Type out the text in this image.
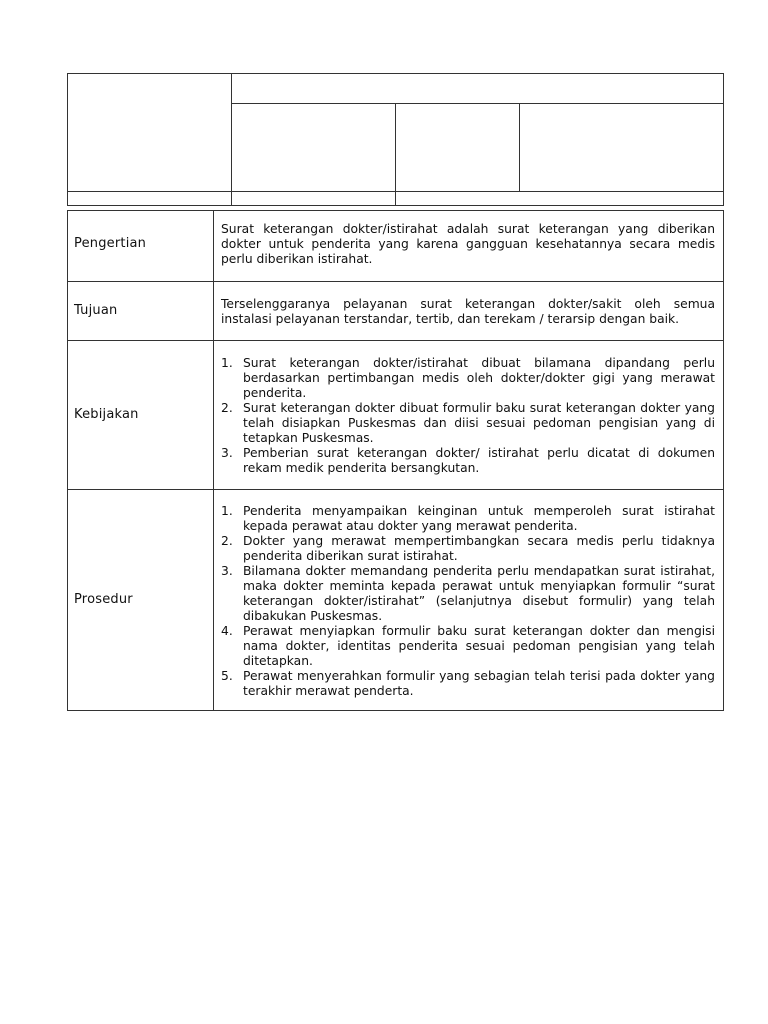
Pengertian

Surat keterangan dokter/istirahat adalah surat keterangan yang diberikan dokter untuk penderita yang karena gangguan kesehatannya secara medis perlu diberikan istirahat.

Tujuan	Terselenggaranya pelayanan surat keterangan dokter/sakit oleh semua instalasi pelayanan terstandar, tertib, dan terekam / terarsip dengan baik.

Kebijakan
1. Surat keterangan dokter/istirahat dibuat bilamana dipandang perlu berdasarkan pertimbangan medis oleh dokter/dokter gigi yang merawat penderita.
2. Surat keterangan dokter dibuat formulir baku surat keterangan dokter yang telah disiapkan Puskesmas dan diisi sesuai pedoman pengisian yang di tetapkan Puskesmas.
3. Pemberian surat keterangan dokter/ istirahat perlu dicatat di dokumen rekam medik penderita bersangkutan.
Prosedur
1. Penderita menyampaikan keinginan untuk memperoleh surat istirahat kepada perawat atau dokter yang merawat penderita.
2. Dokter yang merawat mempertimbangkan secara medis perlu tidaknya penderita diberikan surat istirahat.
3. Bilamana dokter memandang penderita perlu mendapatkan surat istirahat, maka dokter meminta kepada perawat untuk menyiapkan formulir “surat keterangan dokter/istirahat” (selanjutnya disebut formulir) yang telah dibakukan Puskesmas.
4. Perawat menyiapkan formulir baku surat keterangan dokter dan mengisi nama dokter, identitas penderita sesuai pedoman pengisian yang telah ditetapkan.
5. Perawat menyerahkan formulir yang sebagian telah terisi pada dokter yang terakhir merawat penderta.
